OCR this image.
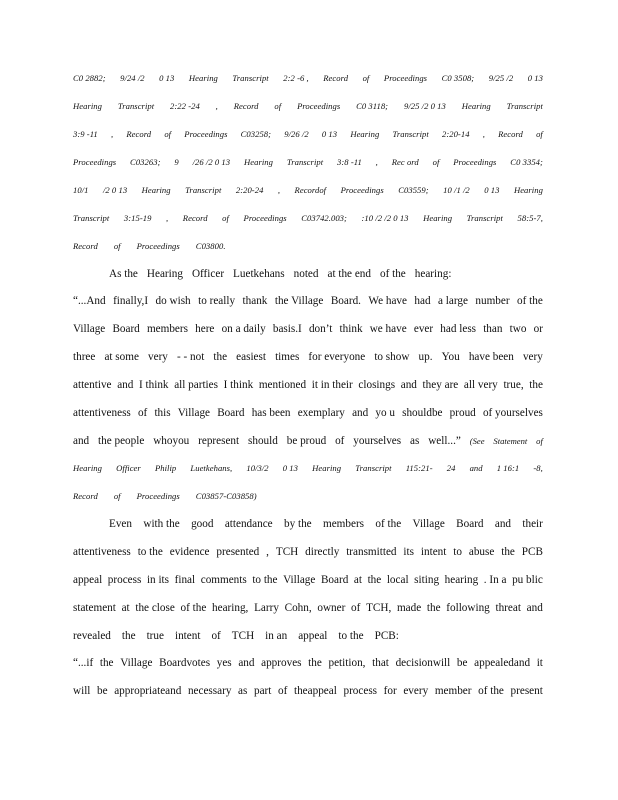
C0 2882; 9/24 /2 0 13 Hearing Transcript 2:2 -6 , Record of Proceedings C0 3508; 9/25 /2 0 13
Hearing Transcript 2:22 -24 , Record of Proceedings C0 3118; 9/25 /2 0 13 Hearing Transcript
3:9 -11 , Record of Proceedings C03258; 9/26 /2 0 13 Hearing Transcript 2:20-14 , Record of
Proceedings C03263; 9 /26 /2 0 13 Hearing Transcript 3:8 -11 , Rec ord of Proceedings C0 3354;
10/1 /2 0 13 Hearing Transcript 2:20-24 , Recordof Proceedings C03559; 10 /1 /2 0 13 Hearing
Transcript 3:15-19 , Record of Proceedings C03742.003; :10 /2 /2 0 13 Hearing Transcript 58:5-7,
Record of Proceedings C03800.
As the Hearing Officer Luetkehans noted at the end of the hearing:
“...And finally,I do wish to really thank the Village Board. We have had a large number of the
Village Board members here on a daily basis.I don’t think we have ever had less than two or
three at some very - - not the easiest times for everyone to show up. You have been very
attentive and I think all parties I think mentioned it in their closings and they are all very true, the
attentiveness of this Village Board has been exemplary and yo u shouldbe proud of yourselves
and the people whoyou represent should be proud of yourselves as well...” (See Statement of
Hearing Officer Philip Luetkehans, 10/3/2 0 13 Hearing Transcript 115:21- 24 and 1 16:1 -8,
Record of Proceedings C03857-C03858)
Even with the good attendance by the members of the Village Board and their
attentiveness to the evidence presented , TCH directly transmitted its intent to abuse the PCB
appeal process in its final comments to the Village Board at the local siting hearing . In a pu blic
statement at the close of the hearing, Larry Cohn, owner of TCH, made the following threat and
revealed the true intent of TCH in an appeal to the PCB:
“...if the Village Boardvotes yes and approves the petition, that decisionwill be appealedand it
will be appropriateand necessary as part of theappeal process for every member of the present
